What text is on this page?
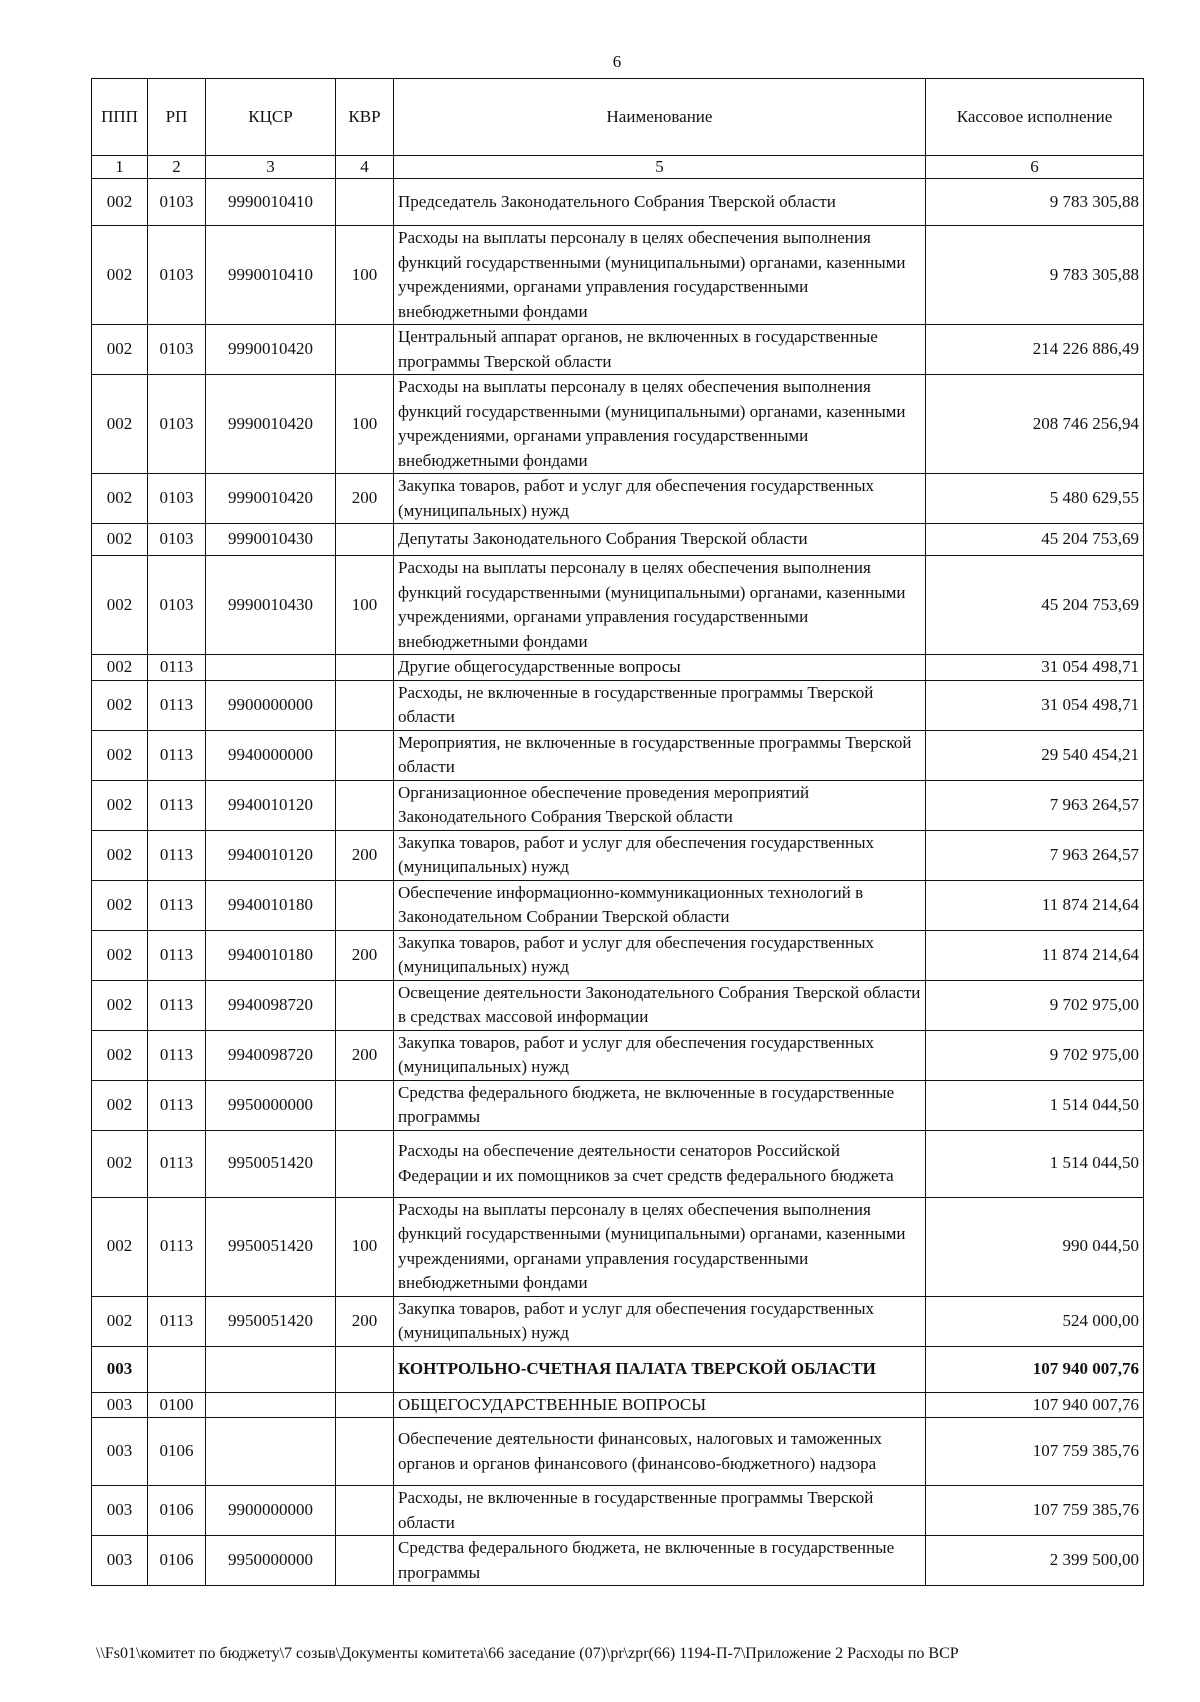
6
ППП	РП	КЦСР	КВР	Наименование	Кассовое исполнение
1	2	3	4	5	6
002	0103	9990010410		Председатель Законодательного Собрания Тверской области	9 783 305,88
002	0103	9990010410	100	Расходы на выплаты персоналу в целях обеспечения выполнения функций государственными (муниципальными) органами, казенными учреждениями, органами управления государственными внебюджетными фондами	9 783 305,88
002	0103	9990010420		Центральный аппарат органов, не включенных в государственные программы Тверской области	214 226 886,49
002	0103	9990010420	100	Расходы на выплаты персоналу в целях обеспечения выполнения функций государственными (муниципальными) органами, казенными учреждениями, органами управления государственными внебюджетными фондами	208 746 256,94
002	0103	9990010420	200	Закупка товаров, работ и услуг для обеспечения государственных (муниципальных) нужд	5 480 629,55
002	0103	9990010430		Депутаты Законодательного Собрания Тверской области	45 204 753,69
002	0103	9990010430	100	Расходы на выплаты персоналу в целях обеспечения выполнения функций государственными (муниципальными) органами, казенными учреждениями, органами управления государственными внебюджетными фондами	45 204 753,69
002	0113			Другие общегосударственные вопросы	31 054 498,71
002	0113	9900000000		Расходы, не включенные в государственные программы Тверской области	31 054 498,71
002	0113	9940000000		Мероприятия, не включенные в государственные программы Тверской области	29 540 454,21
002	0113	9940010120		Организационное обеспечение проведения мероприятий Законодательного Собрания Тверской области	7 963 264,57
002	0113	9940010120	200	Закупка товаров, работ и услуг для обеспечения государственных (муниципальных) нужд	7 963 264,57
002	0113	9940010180		Обеспечение информационно-коммуникационных технологий в Законодательном Собрании Тверской области	11 874 214,64
002	0113	9940010180	200	Закупка товаров, работ и услуг для обеспечения государственных (муниципальных) нужд	11 874 214,64
002	0113	9940098720		Освещение деятельности Законодательного Собрания Тверской области в средствах массовой информации	9 702 975,00
002	0113	9940098720	200	Закупка товаров, работ и услуг для обеспечения государственных (муниципальных) нужд	9 702 975,00
002	0113	9950000000		Средства федерального бюджета, не включенные в государственные программы	1 514 044,50
002	0113	9950051420		Расходы на обеспечение деятельности сенаторов Российской Федерации и их помощников за счет средств федерального бюджета	1 514 044,50
002	0113	9950051420	100	Расходы на выплаты персоналу в целях обеспечения выполнения функций государственными (муниципальными) органами, казенными учреждениями, органами управления государственными внебюджетными фондами	990 044,50
002	0113	9950051420	200	Закупка товаров, работ и услуг для обеспечения государственных (муниципальных) нужд	524 000,00
003				КОНТРОЛЬНО-СЧЕТНАЯ ПАЛАТА ТВЕРСКОЙ ОБЛАСТИ	107 940 007,76
003	0100			ОБЩЕГОСУДАРСТВЕННЫЕ ВОПРОСЫ	107 940 007,76
003	0106			Обеспечение деятельности финансовых, налоговых и таможенных органов и органов финансового (финансово-бюджетного) надзора	107 759 385,76
003	0106	9900000000		Расходы, не включенные в государственные программы Тверской области	107 759 385,76
003	0106	9950000000		Средства федерального бюджета, не включенные в государственные программы	2 399 500,00
\\Fs01\комитет по бюджету\7 созыв\Документы комитета\66 заседание (07)\pr\zpr(66) 1194-П-7\Приложение 2 Расходы по ВСР
